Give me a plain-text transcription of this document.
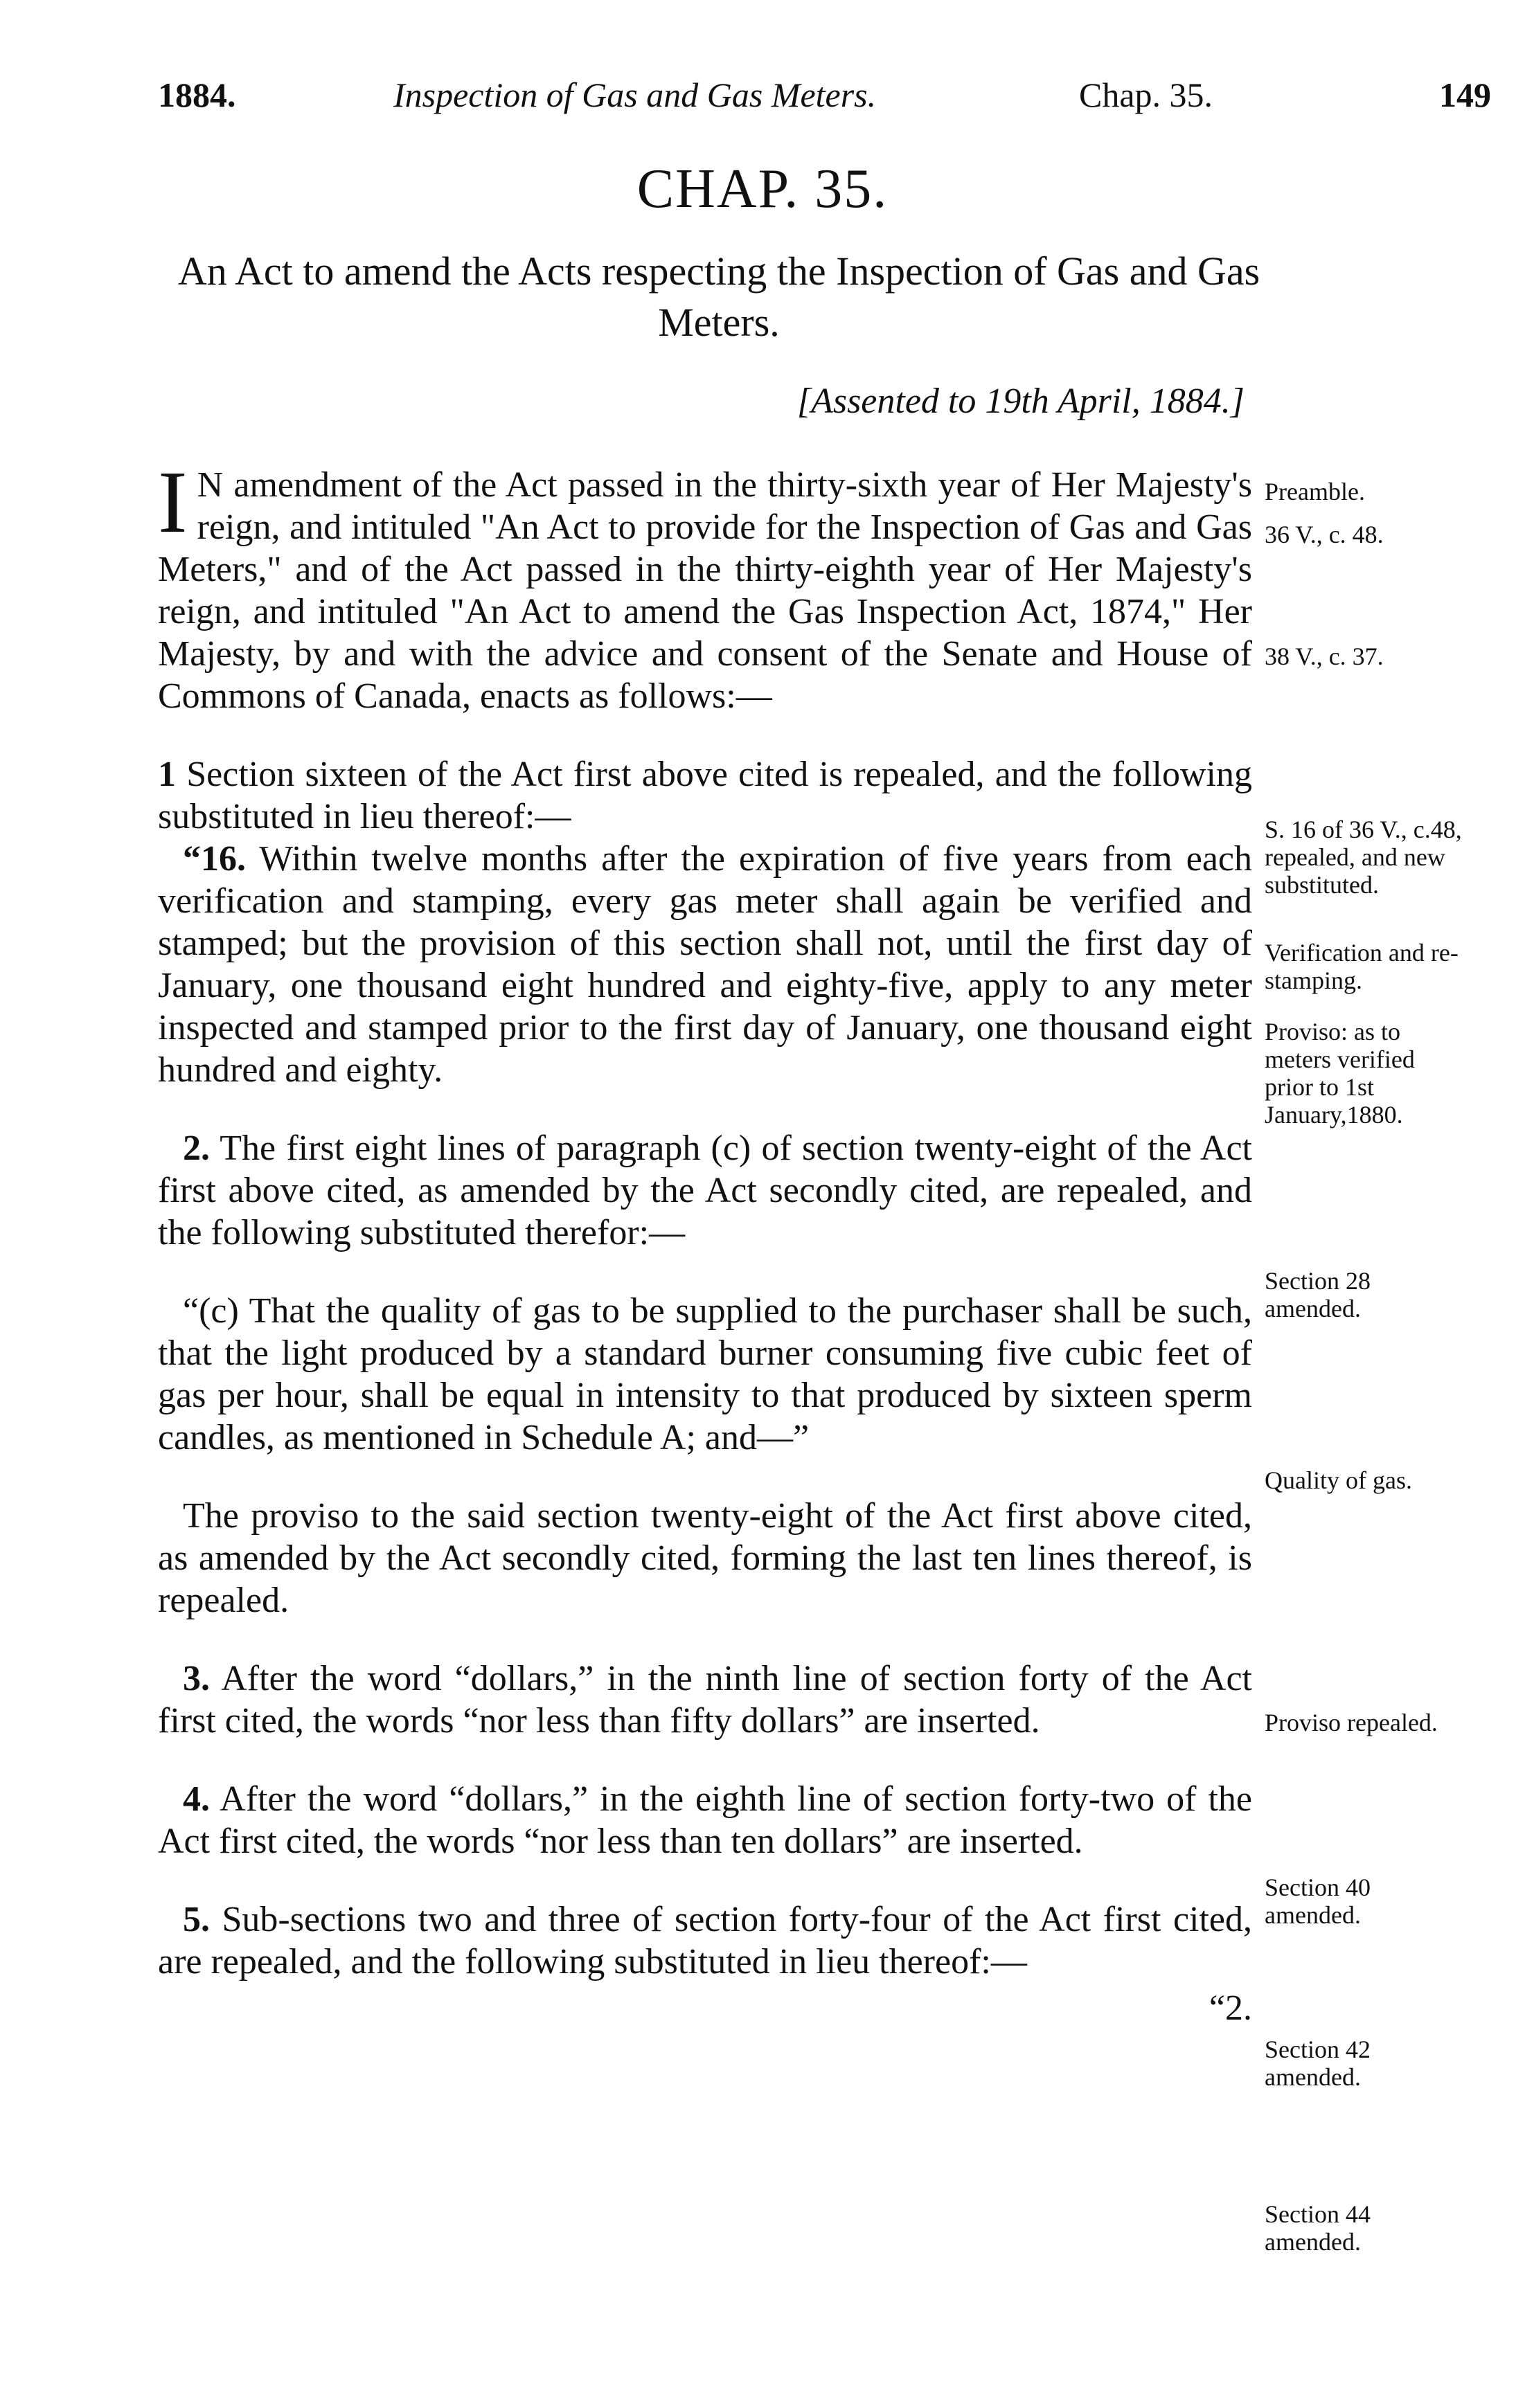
1884.	Inspection of Gas and Gas Meters.	Chap. 35.	149
CHAP. 35.
An Act to amend the Acts respecting the Inspection of Gas and Gas Meters.
[Assented to 19th April, 1884.]

I N amendment of the Act passed in the thirty-sixth year of Her Majesty's reign, and intituled "An Act to provide for the Inspection of Gas and Gas Meters," and of the Act passed in the thirty-eighth year of Her Majesty's reign, and intituled "An Act to amend the Gas Inspection Act, 1874," Her Majesty, by and with the advice and consent of the Senate and House of Commons of Canada, enacts as follows:—

1 Section sixteen of the Act first above cited is repealed, and the following substituted in lieu thereof:—

“16. Within twelve months after the expiration of five years from each verification and stamping, every gas meter shall again be verified and stamped; but the provision of this section shall not, until the first day of January, one thousand eight hundred and eighty-five, apply to any meter inspected and stamped prior to the first day of January, one thousand eight hundred and eighty.

2. The first eight lines of paragraph (c) of section twenty-eight of the Act first above cited, as amended by the Act secondly cited, are repealed, and the following substituted therefor:—

“(c) That the quality of gas to be supplied to the purchaser shall be such, that the light produced by a standard burner consuming five cubic feet of gas per hour, shall be equal in intensity to that produced by sixteen sperm candles, as mentioned in Schedule A; and—”

The proviso to the said section twenty-eight of the Act first above cited, as amended by the Act secondly cited, forming the last ten lines thereof, is repealed.

3. After the word “dollars,” in the ninth line of section forty of the Act first cited, the words “nor less than fifty dollars” are inserted.

4. After the word “dollars,” in the eighth line of section forty-two of the Act first cited, the words “nor less than ten dollars” are inserted.

5. Sub-sections two and three of section forty-four of the Act first cited, are repealed, and the following substituted in lieu thereof:—

“2.
Preamble.
36 V., c. 48.
38 V., c. 37.
S. 16 of 36 V., c.48, repealed, and new substituted.
Verification and re-stamping.
Proviso: as to meters verified prior to 1st January,1880.
Section 28 amended.
Quality of gas.
Proviso repealed.
Section 40 amended.
Section 42 amended.
Section 44 amended.
